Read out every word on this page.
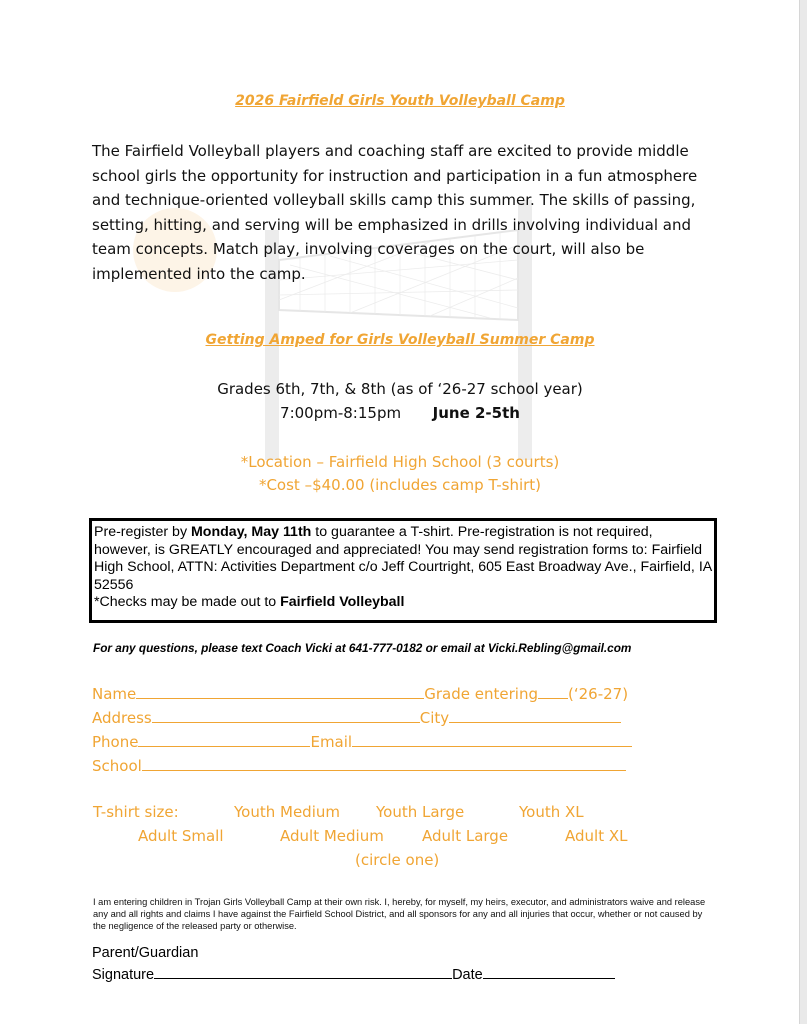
2026 Fairfield Girls Youth Volleyball Camp
The Fairfield Volleyball players and coaching staff are excited to provide middle school girls the opportunity for instruction and participation in a fun atmosphere and technique-oriented volleyball skills camp this summer. The skills of passing, setting, hitting, and serving will be emphasized in drills involving individual and team concepts. Match play, involving coverages on the court, will also be implemented into the camp.
Getting Amped for Girls Volleyball Summer Camp
Grades 6th, 7th, & 8th (as of ‘26-27 school year)
7:00pm-8:15pm June 2-5th
*Location – Fairfield High School (3 courts)
*Cost –$40.00 (includes camp T-shirt)
Pre-register by Monday, May 11th to guarantee a T-shirt. Pre-registration is not required, however, is GREATLY encouraged and appreciated! You may send registration forms to: Fairfield High School, ATTN: Activities Department c/o Jeff Courtright, 605 East Broadway Ave., Fairfield, IA 52556
*Checks may be made out to Fairfield Volleyball
For any questions, please text Coach Vicki at 641-777-0182 or email at Vicki.Rebling@gmail.com
Name	Grade entering (‘26-27)
Address	City
Phone	Email
School
T-shirt size:	Youth Medium Youth Large	Youth XL
Adult Small	Adult Medium	Adult Large	Adult XL
(circle one)
I am entering children in Trojan Girls Volleyball Camp at their own risk. I, hereby, for myself, my heirs, executor, and administrators waive and release any and all rights and claims I have against the Fairfield School District, and all sponsors for any and all injuries that occur, whether or not caused by the negligence of the released party or otherwise.
Parent/Guardian
Signature	Date
